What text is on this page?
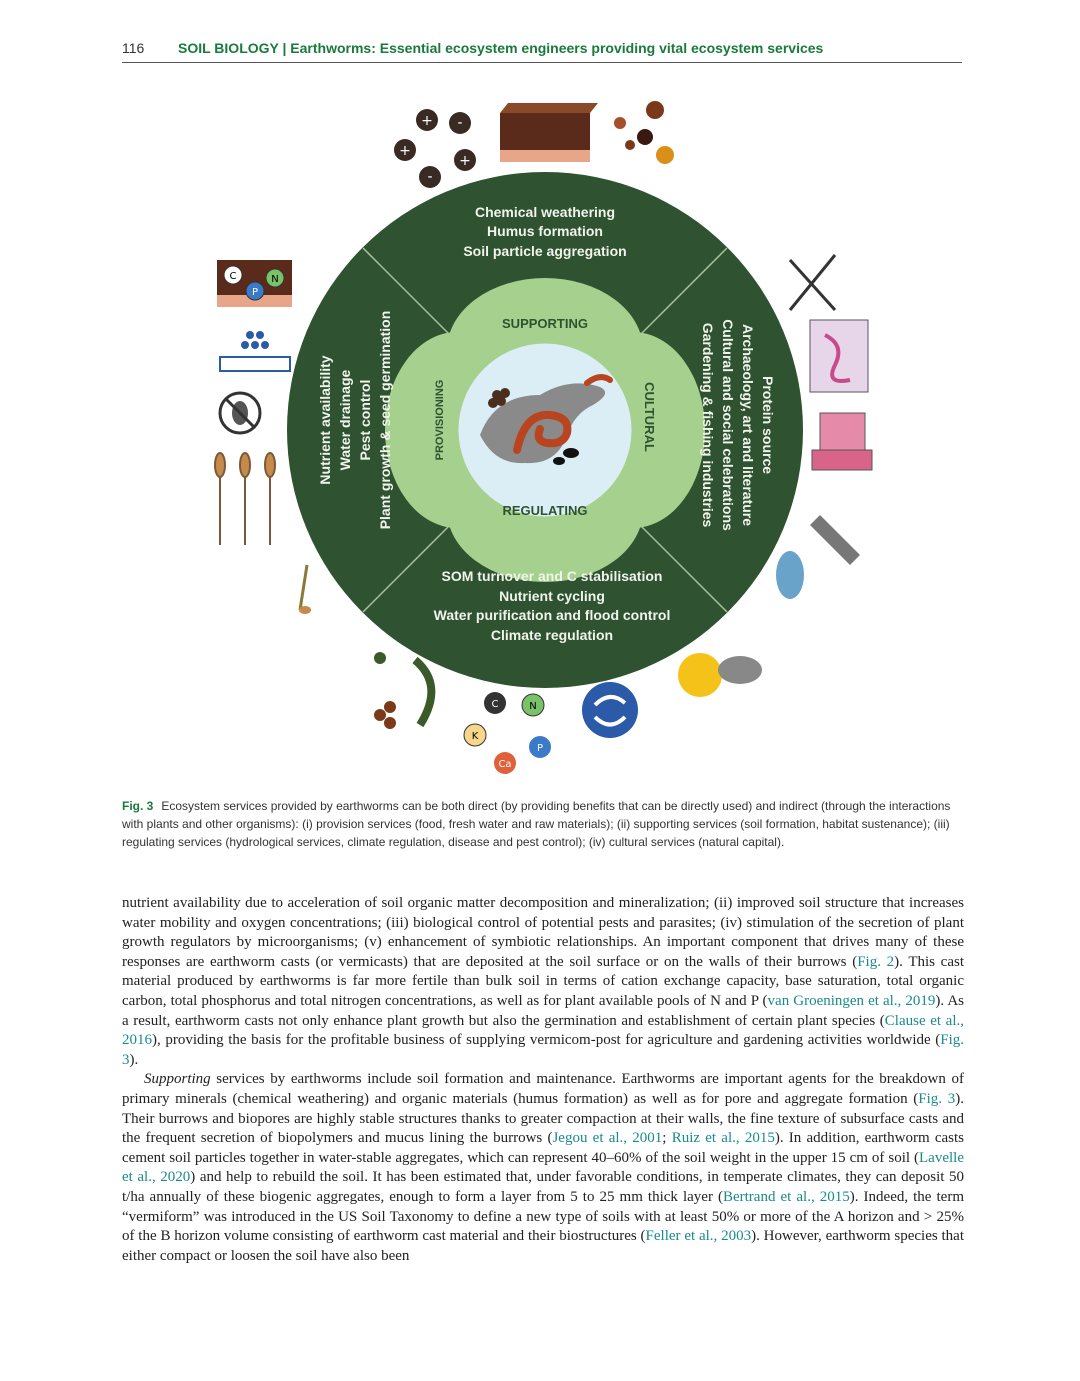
116 SOIL BIOLOGY | Earthworms: Essential ecosystem engineers providing vital ecosystem services
Chemical weathering
Humus formation
Soil particle aggregation
SOM turnover and C stabilisation
Nutrient cycling
Water purification and flood control
Climate regulation
Nutrient availability Water drainage Pest control Plant growth & seed germination	Protein source
Archaeology, art and literature
Cultural and social celebrations
Gardening & fishing industries
SUPPORTING
REGULATING
PROVISIONING	CULTURAL
+ -
+
+
-
C	N
P
C	N
K
P
Ca
Fig. 3 Ecosystem services provided by earthworms can be both direct (by providing benefits that can be directly used) and indirect (through the interactions with plants and other organisms): (i) provision services (food, fresh water and raw materials); (ii) supporting services (soil formation, habitat sustenance); (iii) regulating services (hydrological services, climate regulation, disease and pest control); (iv) cultural services (natural capital).

nutrient availability due to acceleration of soil organic matter decomposition and mineralization; (ii) improved soil structure that increases water mobility and oxygen concentrations; (iii) biological control of potential pests and parasites; (iv) stimulation of the secretion of plant growth regulators by microorganisms; (v) enhancement of symbiotic relationships. An important component that drives many of these responses are earthworm casts (or vermicasts) that are deposited at the soil surface or on the walls of their burrows (Fig. 2). This cast material produced by earthworms is far more fertile than bulk soil in terms of cation exchange capacity, base saturation, total organic carbon, total phosphorus and total nitrogen concentrations, as well as for plant available pools of N and P (van Groeningen et al., 2019). As a result, earthworm casts not only enhance plant growth but also the germination and establishment of certain plant species (Clause et al., 2016), providing the basis for the profitable business of supplying vermicom-post for agriculture and gardening activities worldwide (Fig. 3).

Supporting services by earthworms include soil formation and maintenance. Earthworms are important agents for the breakdown of primary minerals (chemical weathering) and organic materials (humus formation) as well as for pore and aggregate formation (Fig. 3). Their burrows and biopores are highly stable structures thanks to greater compaction at their walls, the fine texture of subsurface casts and the frequent secretion of biopolymers and mucus lining the burrows (Jegou et al., 2001; Ruiz et al., 2015). In addition, earthworm casts cement soil particles together in water-stable aggregates, which can represent 40–60% of the soil weight in the upper 15 cm of soil (Lavelle et al., 2020) and help to rebuild the soil. It has been estimated that, under favorable conditions, in temperate climates, they can deposit 50 t/ha annually of these biogenic aggregates, enough to form a layer from 5 to 25 mm thick layer (Bertrand et al., 2015). Indeed, the term “vermiform” was introduced in the US Soil Taxonomy to define a new type of soils with at least 50% or more of the A horizon and > 25% of the B horizon volume consisting of earthworm cast material and their biostructures (Feller et al., 2003). However, earthworm species that either compact or loosen the soil have also been
